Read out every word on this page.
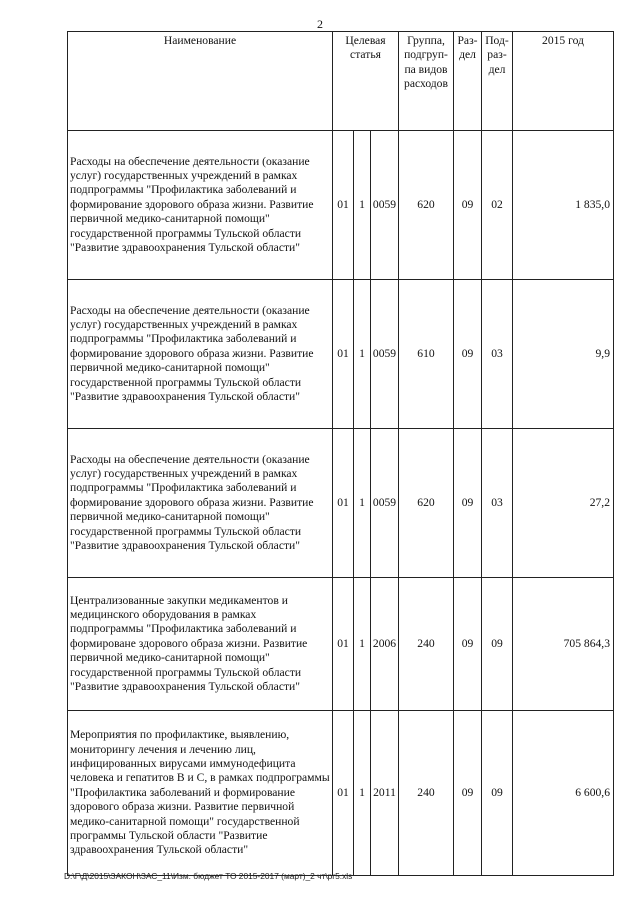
2
Наименование	Целевая статья			Группа, подгруп-па видов расходов	Раз-дел	Под-раз-дел	2015 год
Расходы на обеспечение деятельности (оказание услуг) государственных учреждений в рамках подпрограммы "Профилактика заболеваний и формирование здорового образа жизни. Развитие первичной медико-санитарной помощи" государственной программы Тульской области "Развитие здравоохранения Тульской области"	01	1	0059	620	09	02	1 835,0
Расходы на обеспечение деятельности (оказание услуг) государственных учреждений в рамках подпрограммы "Профилактика заболеваний и формирование здорового образа жизни. Развитие первичной медико-санитарной помощи" государственной программы Тульской области "Развитие здравоохранения Тульской области"	01	1	0059	610	09	03	9,9
Расходы на обеспечение деятельности (оказание услуг) государственных учреждений в рамках подпрограммы "Профилактика заболеваний и формирование здорового образа жизни. Развитие первичной медико-санитарной помощи" государственной программы Тульской области "Развитие здравоохранения Тульской области"	01	1	0059	620	09	03	27,2
Централизованные закупки медикаментов и медицинского оборудования в рамках подпрограммы "Профилактика заболеваний и формироване здорового образа жизни. Развитие первичной медико-санитарной помощи" государственной программы Тульской области "Развитие здравоохранения Тульской области"	01	1	2006	240	09	09	705 864,3
Мероприятия по профилактике, выявлению, мониторингу лечения и лечению лиц, инфицированных вирусами иммунодефицита человека и гепатитов В и С, в рамках подпрограммы "Профилактика заболеваний и формирование здорового образа жизни. Развитие первичной медико-санитарной помощи" государственной программы Тульской области "Развитие здравоохранения Тульской области"	01	1	2011	240	09	09	6 600,6
D:\Г\Д\2015\ЗАКОН\ЗАС_11\Изм. бюджет ТО 2015-2017 (март)_2 чт\pr5.xls
